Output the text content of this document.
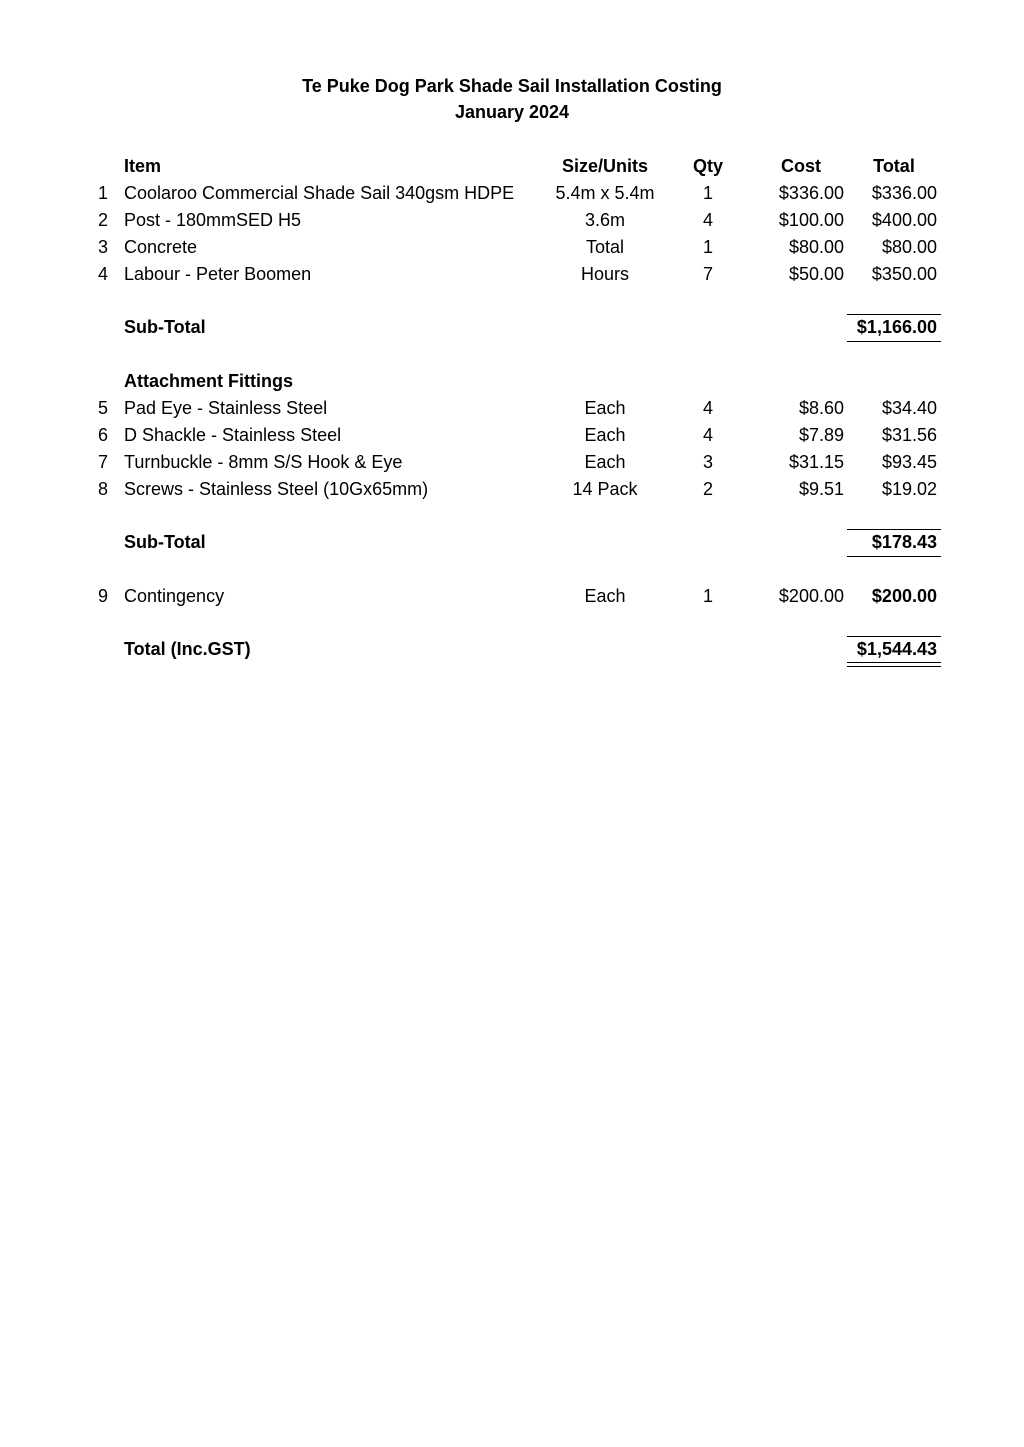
Te Puke Dog Park Shade Sail Installation Costing
January 2024
Item	Size/Units	Qty	Cost	Total
1 Coolaroo Commercial Shade Sail 340gsm HDPE	5.4m x 5.4m	1	$336.00 $336.00
2 Post - 180mmSED H5	3.6m	4	$100.00 $400.00
3 Concrete	Total	1	$80.00 $80.00
4 Labour - Peter Boomen	Hours	7	$50.00 $350.00
Sub-Total	$1,166.00
Attachment Fittings
5 Pad Eye - Stainless Steel	Each	4	$8.60 $34.40
6 D Shackle - Stainless Steel	Each	4	$7.89 $31.56
7 Turnbuckle - 8mm S/S Hook & Eye	Each	3	$31.15 $93.45
8 Screws - Stainless Steel (10Gx65mm)	14 Pack	2	$9.51 $19.02
Sub-Total	$178.43
9 Contingency	Each	1	$200.00 $200.00
Total (Inc.GST)	$1,544.43
